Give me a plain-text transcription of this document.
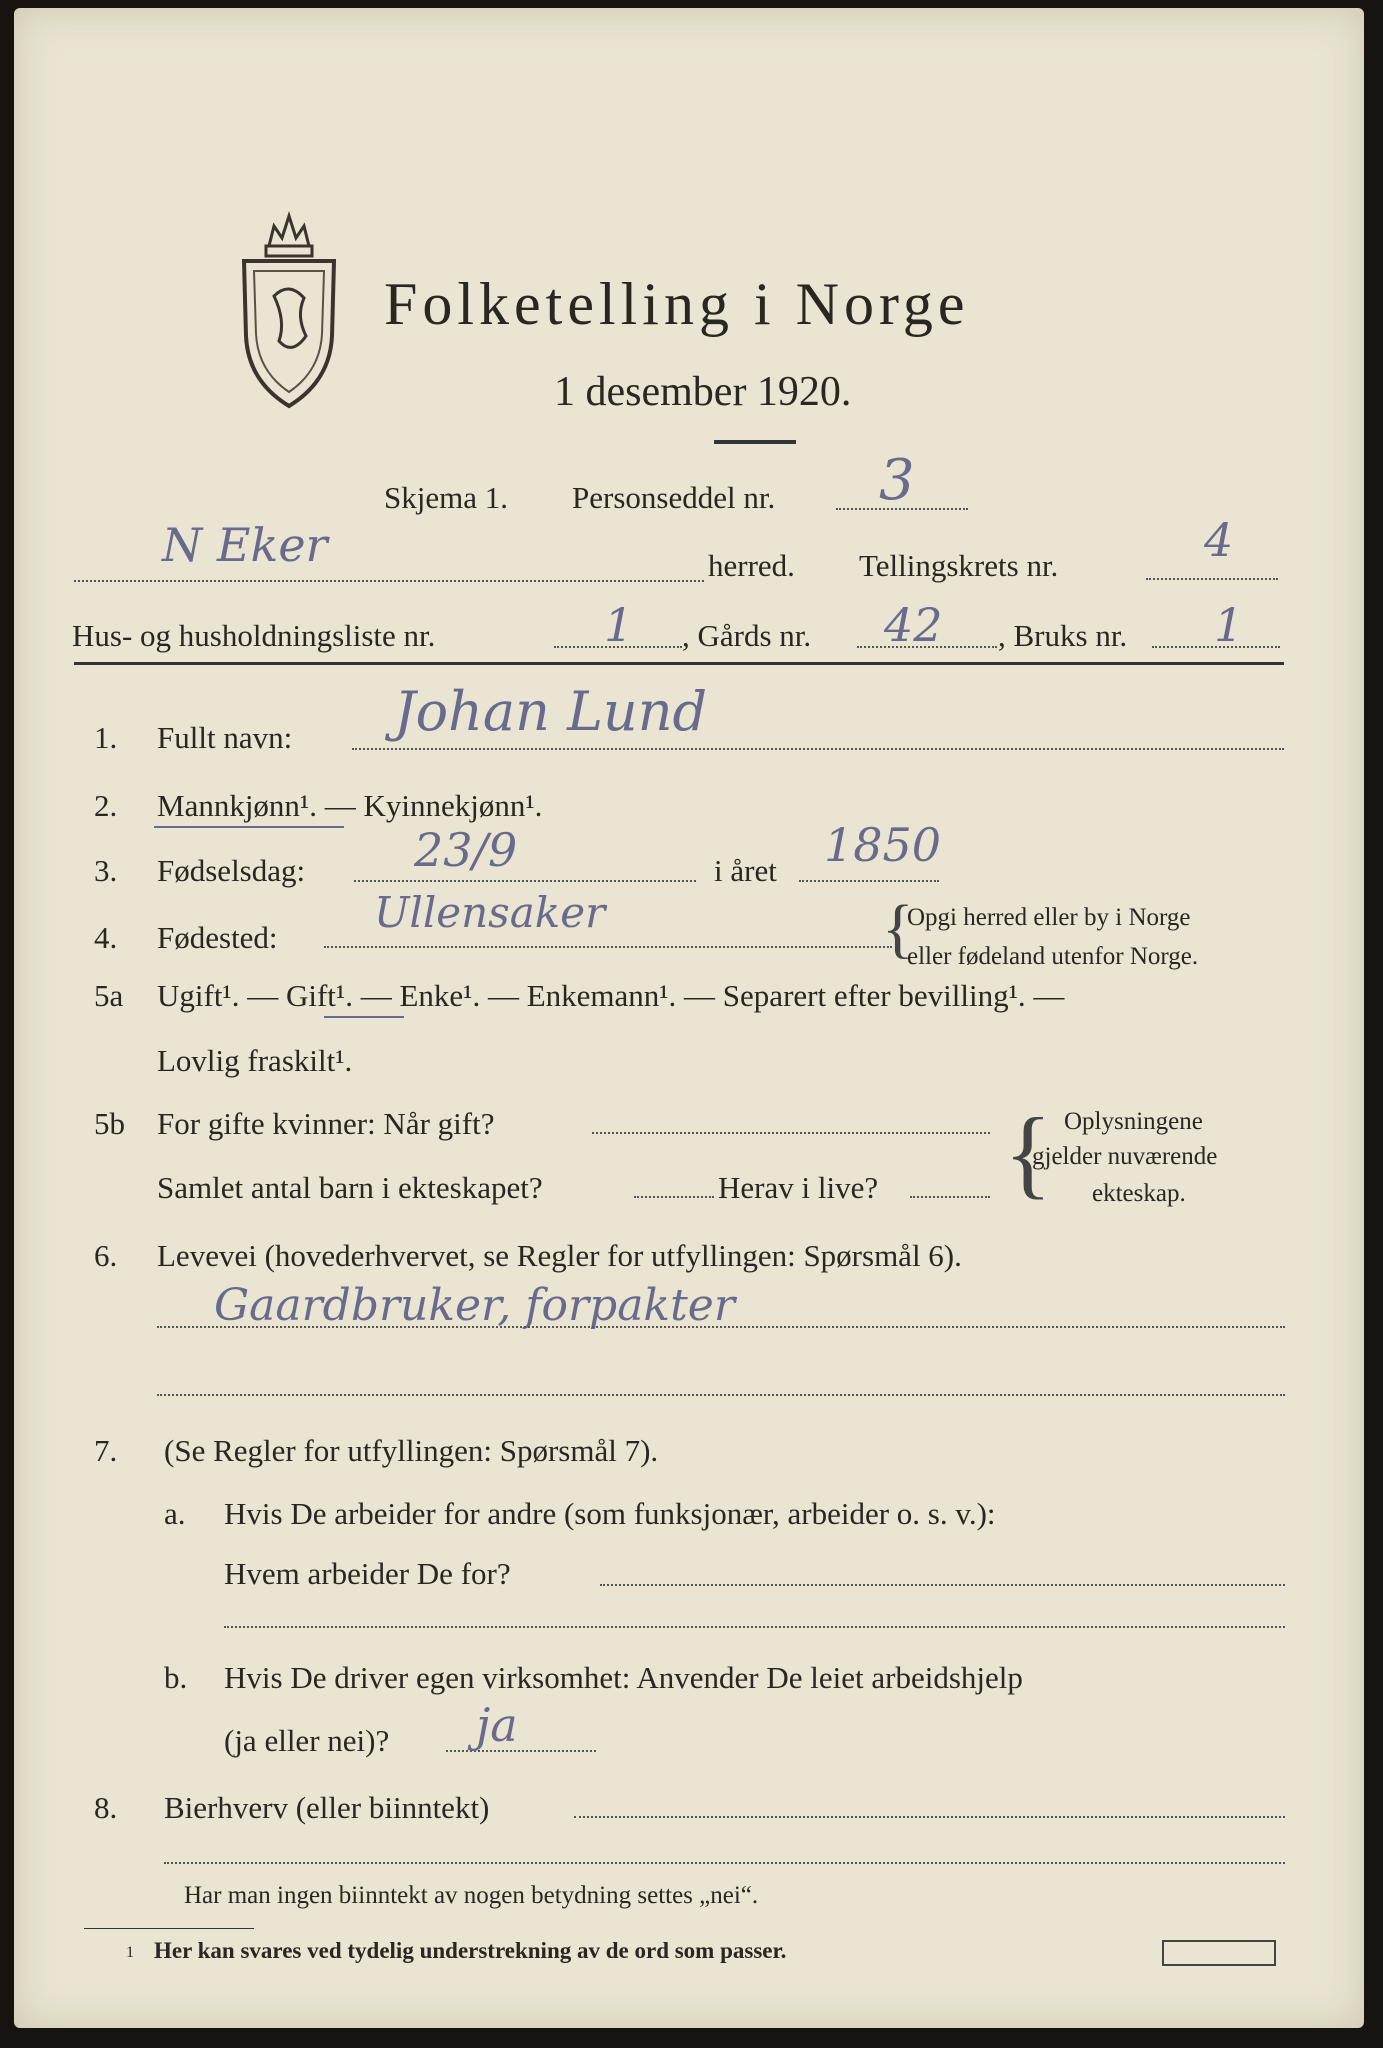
Folketelling i Norge
1 desember 1920.
Skjema 1. Personseddel nr. 3
N Eker	herred. Tellingskrets nr.	4
Hus- og husholdningsliste nr.	1 , Gårds nr. 42 , Bruks nr. 1
1. Fullt navn: Johan Lund
2. Mannkjønn¹. — Kyinnekjønn¹.
3. Fødselsdag: 23/9	i året 1850
4. Fødested:
Ullensaker	{
Opgi herred eller by i Norge
eller fødeland utenfor Norge.
5a Ugift¹. — Gift¹. — Enke¹. — Enkemann¹. — Separert efter bevilling¹. —
Lovlig fraskilt¹.
5b For gifte kvinner: Når gift?
Samlet antal barn i ekteskapet?	Herav i live? { Oplysningene
gjelder nuværende
ekteskap.
6. Levevei (hovederhvervet, se Regler for utfyllingen: Spørsmål 6).
Gaardbruker, forpakter
7. (Se Regler for utfyllingen: Spørsmål 7).
a. Hvis De arbeider for andre (som funksjonær, arbeider o. s. v.):
Hvem arbeider De for?
b. Hvis De driver egen virksomhet: Anvender De leiet arbeidshjelp
(ja eller nei)? ja
8. Bierhverv (eller biinntekt)
Har man ingen biinntekt av nogen betydning settes „nei“.
1 Her kan svares ved tydelig understrekning av de ord som passer.
